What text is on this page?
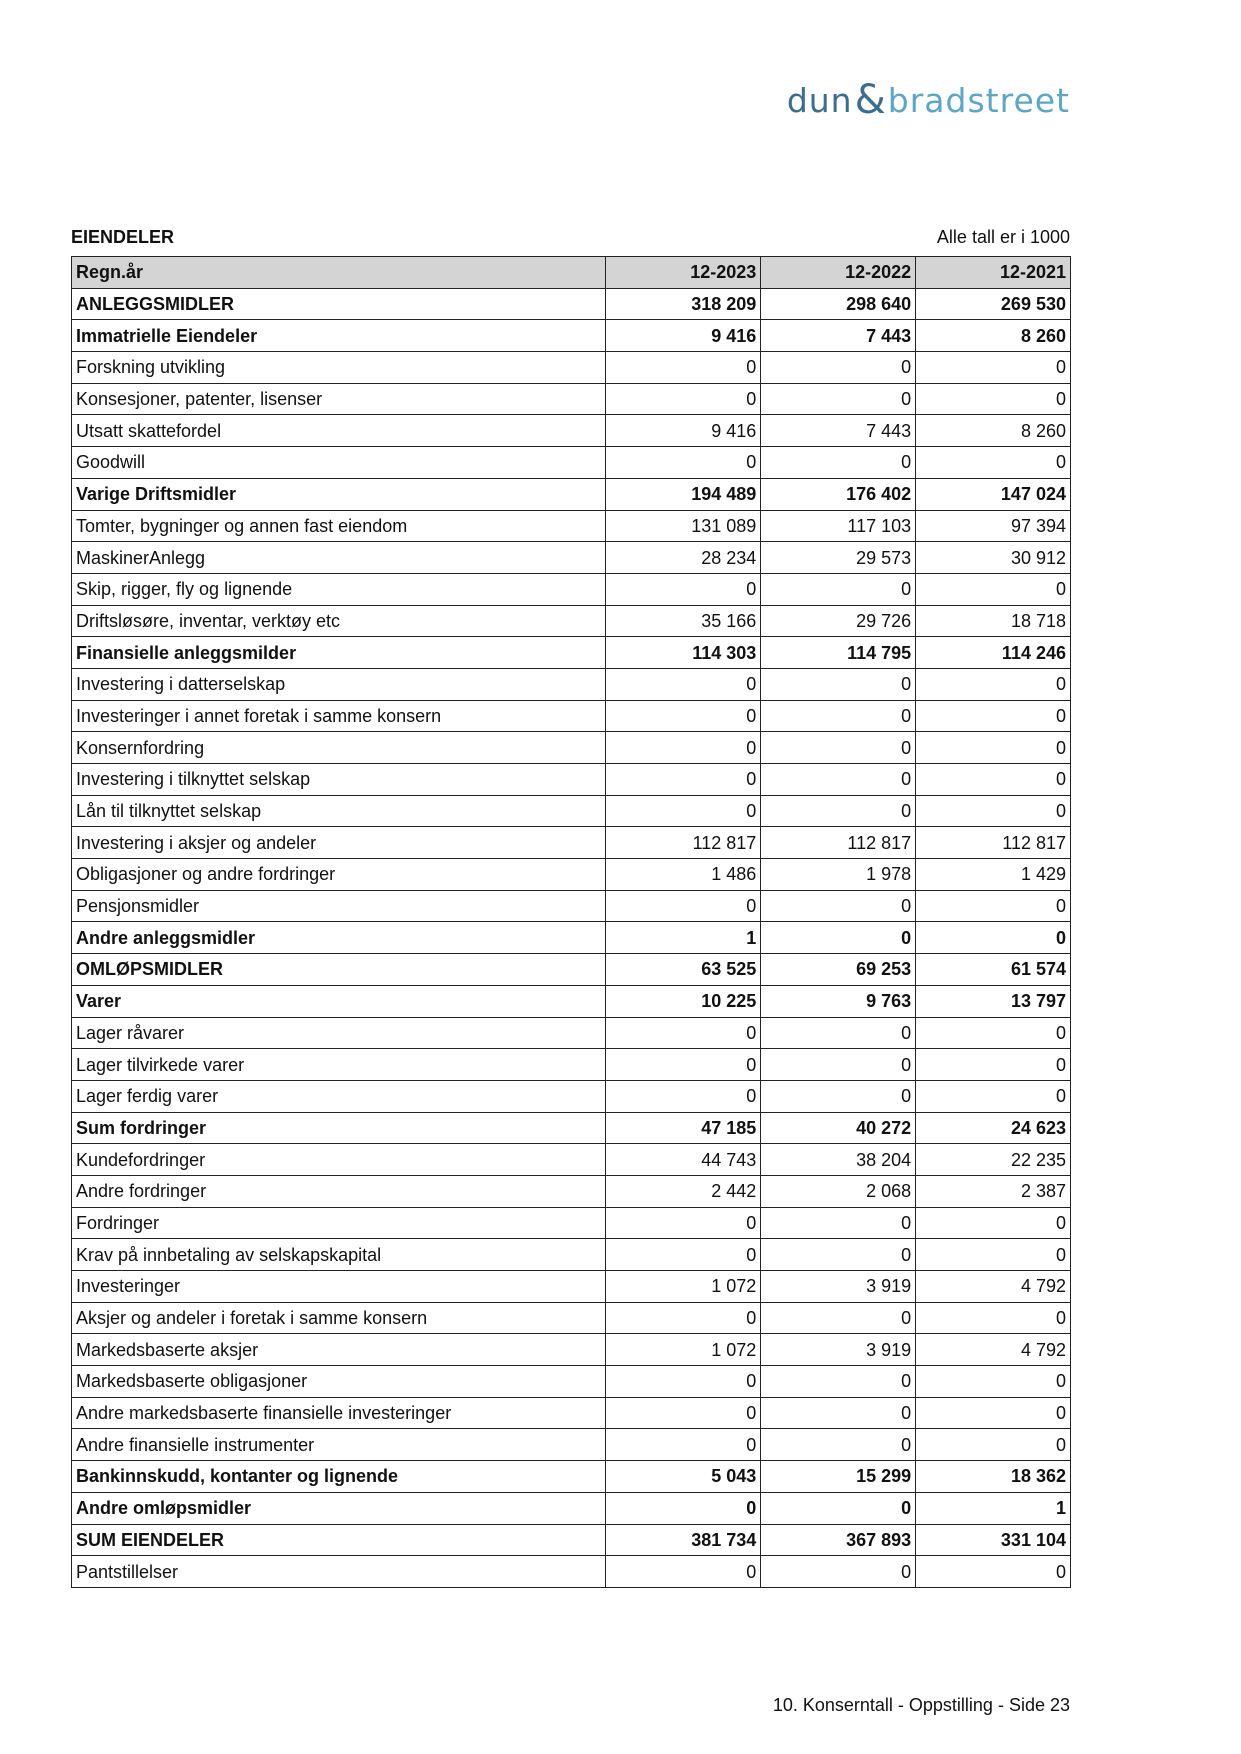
dun & bradstreet
EIENDELER	Alle tall er i 1000
Regn.år	12-2023	12-2022	12-2021
ANLEGGSMIDLER	318 209	298 640	269 530
Immatrielle Eiendeler	9 416	7 443	8 260
Forskning utvikling	0	0	0
Konsesjoner, patenter, lisenser	0	0	0
Utsatt skattefordel	9 416	7 443	8 260
Goodwill	0	0	0
Varige Driftsmidler	194 489	176 402	147 024
Tomter, bygninger og annen fast eiendom	131 089	117 103	97 394
MaskinerAnlegg	28 234	29 573	30 912
Skip, rigger, fly og lignende	0	0	0
Driftsløsøre, inventar, verktøy etc	35 166	29 726	18 718
Finansielle anleggsmilder	114 303	114 795	114 246
Investering i datterselskap	0	0	0
Investeringer i annet foretak i samme konsern	0	0	0
Konsernfordring	0	0	0
Investering i tilknyttet selskap	0	0	0
Lån til tilknyttet selskap	0	0	0
Investering i aksjer og andeler	112 817	112 817	112 817
Obligasjoner og andre fordringer	1 486	1 978	1 429
Pensjonsmidler	0	0	0
Andre anleggsmidler	1	0	0
OMLØPSMIDLER	63 525	69 253	61 574
Varer	10 225	9 763	13 797
Lager råvarer	0	0	0
Lager tilvirkede varer	0	0	0
Lager ferdig varer	0	0	0
Sum fordringer	47 185	40 272	24 623
Kundefordringer	44 743	38 204	22 235
Andre fordringer	2 442	2 068	2 387
Fordringer	0	0	0
Krav på innbetaling av selskapskapital	0	0	0
Investeringer	1 072	3 919	4 792
Aksjer og andeler i foretak i samme konsern	0	0	0
Markedsbaserte aksjer	1 072	3 919	4 792
Markedsbaserte obligasjoner	0	0	0
Andre markedsbaserte finansielle investeringer	0	0	0
Andre finansielle instrumenter	0	0	0
Bankinnskudd, kontanter og lignende	5 043	15 299	18 362
Andre omløpsmidler	0	0	1
SUM EIENDELER	381 734	367 893	331 104
Pantstillelser	0	0	0
10. Konserntall - Oppstilling - Side 23
